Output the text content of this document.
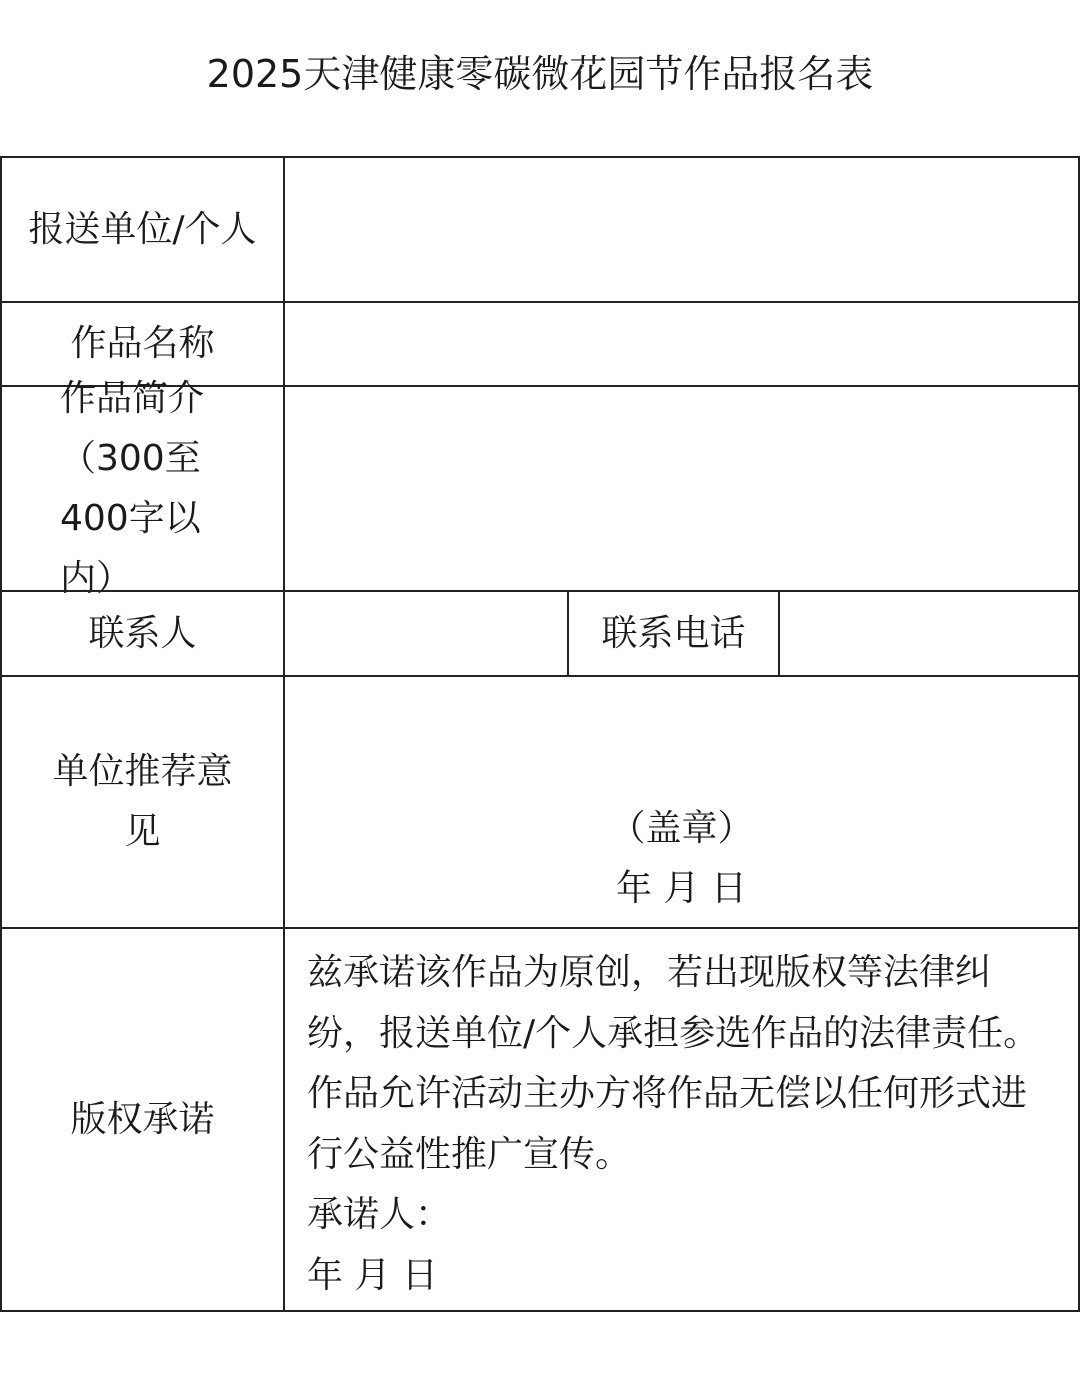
2025天津健康零碳微花园节作品报名表
报送单位/个人
作品名称
作品简介（300至400字以内）
联系人	联系电话
单位推荐意见	（盖章）
年 月 日
版权承诺
兹承诺该作品为原创，若出现版权等法律纠纷，报送单位/个人承担参选作品的法律责任。作品允许活动主办方将作品无偿以任何形式进行公益性推广宣传。
承诺人：
年 月 日
